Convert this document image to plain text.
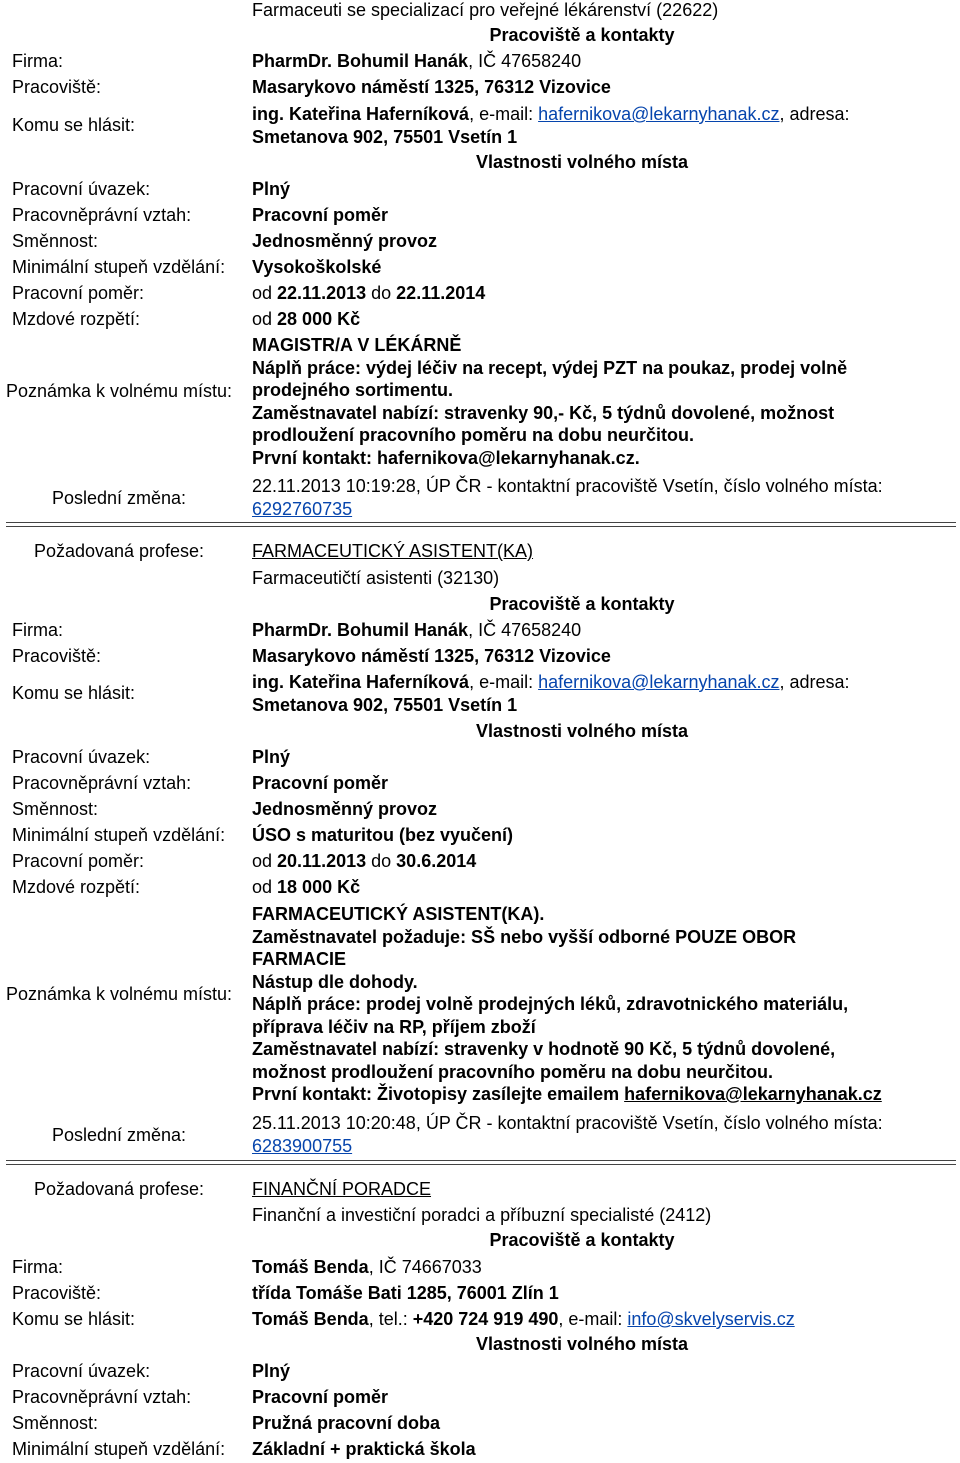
Farmaceuti se specializací pro veřejné lékárenství (22622)
Pracoviště a kontakty
Firma:	PharmDr. Bohumil Hanák, IČ 47658240
Pracoviště:	Masarykovo náměstí 1325, 76312 Vizovice
Komu se hlásit:
ing. Kateřina Haferníková, e-mail: hafernikova@lekarnyhanak.cz, adresa:
Smetanova 902, 75501 Vsetín 1
Vlastnosti volného místa
Pracovní úvazek:	Plný
Pracovněprávní vztah:	Pracovní poměr
Směnnost:	Jednosměnný provoz
Minimální stupeň vzdělání: Vysokoškolské
Pracovní poměr:	od 22.11.2013 do 22.11.2014
Mzdové rozpětí:	od 28 000 Kč
Poznámka k volnému místu:
MAGISTR/A V LÉKÁRNĚ
Náplň práce: výdej léčiv na recept, výdej PZT na poukaz, prodej volně
prodejného sortimentu.
Zaměstnavatel nabízí: stravenky 90,- Kč, 5 týdnů dovolené, možnost
prodloužení pracovního poměru na dobu neurčitou.
První kontakt: hafernikova@lekarnyhanak.cz.
Poslední změna:
22.11.2013 10:19:28, ÚP ČR - kontaktní pracoviště Vsetín, číslo volného místa:
6292760735
Požadovaná profese:	FARMACEUTICKÝ ASISTENT(KA)
Farmaceutičtí asistenti (32130)
Pracoviště a kontakty
Firma:	PharmDr. Bohumil Hanák, IČ 47658240
Pracoviště:	Masarykovo náměstí 1325, 76312 Vizovice
Komu se hlásit:
ing. Kateřina Haferníková, e-mail: hafernikova@lekarnyhanak.cz, adresa:
Smetanova 902, 75501 Vsetín 1
Vlastnosti volného místa
Pracovní úvazek:	Plný
Pracovněprávní vztah:	Pracovní poměr
Směnnost:	Jednosměnný provoz
Minimální stupeň vzdělání: ÚSO s maturitou (bez vyučení)
Pracovní poměr:	od 20.11.2013 do 30.6.2014
Mzdové rozpětí:	od 18 000 Kč
Poznámka k volnému místu:
FARMACEUTICKÝ ASISTENT(KA).
Zaměstnavatel požaduje: SŠ nebo vyšší odborné POUZE OBOR
FARMACIE
Nástup dle dohody.
Náplň práce: prodej volně prodejných léků, zdravotnického materiálu,
příprava léčiv na RP, příjem zboží
Zaměstnavatel nabízí: stravenky v hodnotě 90 Kč, 5 týdnů dovolené,
možnost prodloužení pracovního poměru na dobu neurčitou.
První kontakt: Životopisy zasílejte emailem hafernikova@lekarnyhanak.cz
Poslední změna:
25.11.2013 10:20:48, ÚP ČR - kontaktní pracoviště Vsetín, číslo volného místa:
6283900755
Požadovaná profese:	FINANČNÍ PORADCE
Finanční a investiční poradci a příbuzní specialisté (2412)
Pracoviště a kontakty
Firma:	Tomáš Benda, IČ 74667033
Pracoviště:	třída Tomáše Bati 1285, 76001 Zlín 1
Komu se hlásit:	Tomáš Benda, tel.: +420 724 919 490, e-mail: info@skvelyservis.cz
Vlastnosti volného místa
Pracovní úvazek:	Plný
Pracovněprávní vztah:	Pracovní poměr
Směnnost:	Pružná pracovní doba
Minimální stupeň vzdělání: Základní + praktická škola
